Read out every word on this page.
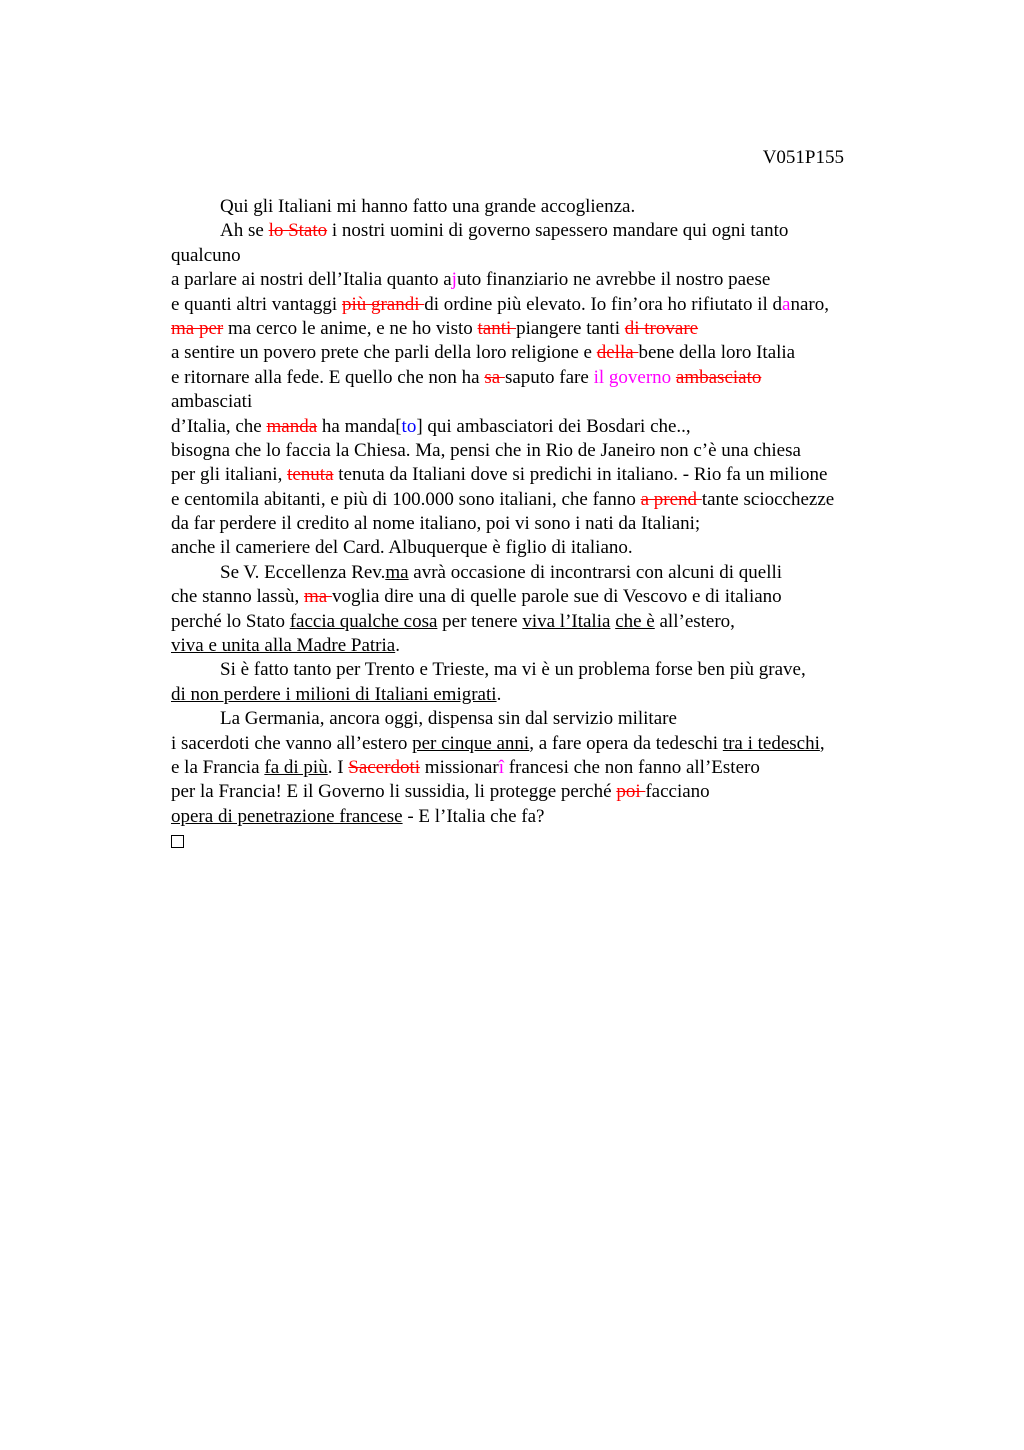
V051P155
Qui gli Italiani mi hanno fatto una grande accoglienza.
Ah se lo Stato i nostri uomini di governo sapessero mandare qui ogni tanto
qualcuno
a parlare ai nostri dell’Italia quanto ajuto finanziario ne avrebbe il nostro paese
e quanti altri vantaggi più grandi di ordine più elevato. Io fin’ora ho rifiutato il danaro,
ma per ma cerco le anime, e ne ho visto tanti piangere tanti di trovare
a sentire un povero prete che parli della loro religione e della bene della loro Italia
e ritornare alla fede. E quello che non ha sa saputo fare il governo ambasciato
ambasciati
d’Italia, che manda ha manda[to] qui ambasciatori dei Bosdari che..,
bisogna che lo faccia la Chiesa. Ma, pensi che in Rio de Janeiro non c’è una chiesa
per gli italiani, tenuta tenuta da Italiani dove si predichi in italiano. - Rio fa un milione
e centomila abitanti, e più di 100.000 sono italiani, che fanno a prend tante sciocchezze
da far perdere il credito al nome italiano, poi vi sono i nati da Italiani;
anche il cameriere del Card. Albuquerque è figlio di italiano.
Se V. Eccellenza Rev.ma avrà occasione di incontrarsi con alcuni di quelli
che stanno lassù, ma voglia dire una di quelle parole sue di Vescovo e di italiano
perché lo Stato faccia qualche cosa per tenere viva l’Italia che è all’estero,
viva e unita alla Madre Patria.
Si è fatto tanto per Trento e Trieste, ma vi è un problema forse ben più grave,
di non perdere i milioni di Italiani emigrati.
La Germania, ancora oggi, dispensa sin dal servizio militare
i sacerdoti che vanno all’estero per cinque anni, a fare opera da tedeschi tra i tedeschi,
e la Francia fa di più. I Sacerdoti missionarî francesi che non fanno all’Estero
per la Francia! E il Governo li sussidia, li protegge perché poi facciano
opera di penetrazione francese - E l’Italia che fa?
